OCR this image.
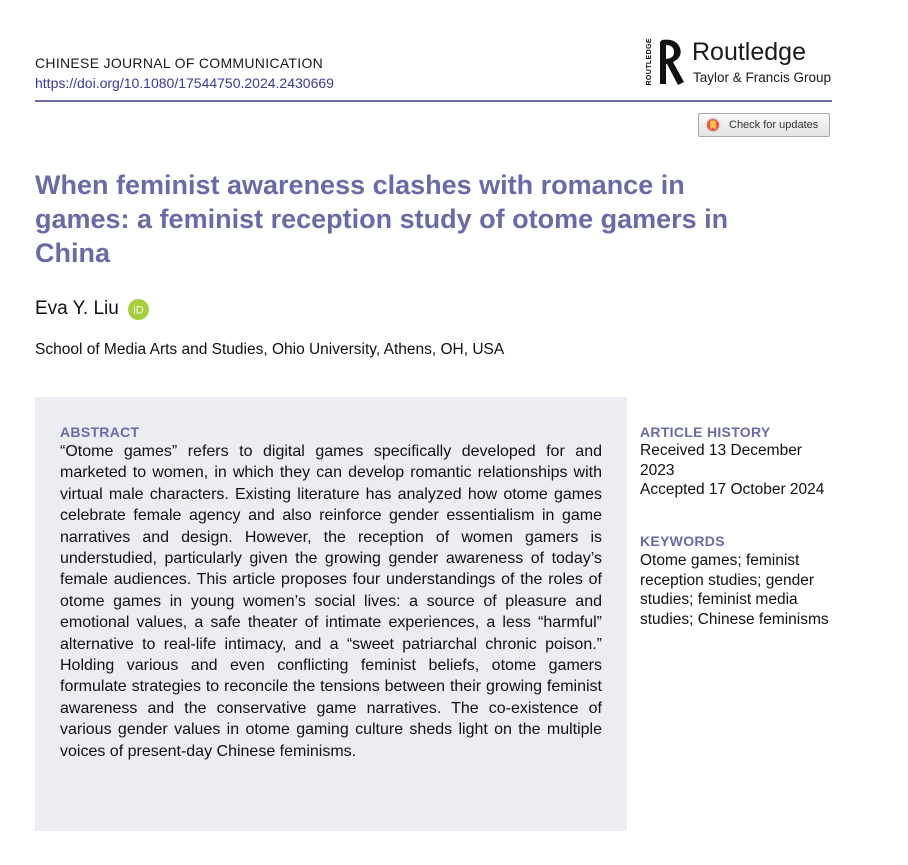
CHINESE JOURNAL OF COMMUNICATION
https://doi.org/10.1080/17544750.2024.2430669	ROUTLEDGE Routledge
Taylor & Francis Group
Check for updates
When feminist awareness clashes with romance in games: a feminist reception study of otome gamers in China
Eva Y. Liu iD
School of Media Arts and Studies, Ohio University, Athens, OH, USA
ABSTRACT

“Otome games” refers to digital games specifically developed for and marketed to women, in which they can develop romantic relationships with virtual male characters. Existing literature has analyzed how otome games celebrate female agency and also reinforce gender essentialism in game narratives and design. However, the reception of women gamers is understudied, particularly given the growing gender awareness of today’s female audiences. This article proposes four understandings of the roles of otome games in young women’s social lives: a source of pleasure and emotional values, a safe theater of intimate experiences, a less “harmful” alternative to real-life intimacy, and a “sweet patriarchal chronic poison.” Holding various and even conflicting feminist beliefs, otome gamers formulate strategies to reconcile the tensions between their growing feminist awareness and the conservative game narratives. The co-existence of various gender values in otome gaming culture sheds light on the multiple voices of present-day Chinese feminisms.

ARTICLE HISTORY
Received 13 December 2023
Accepted 17 October 2024
KEYWORDS

Otome games; feminist reception studies; gender studies; feminist media studies; Chinese feminisms
